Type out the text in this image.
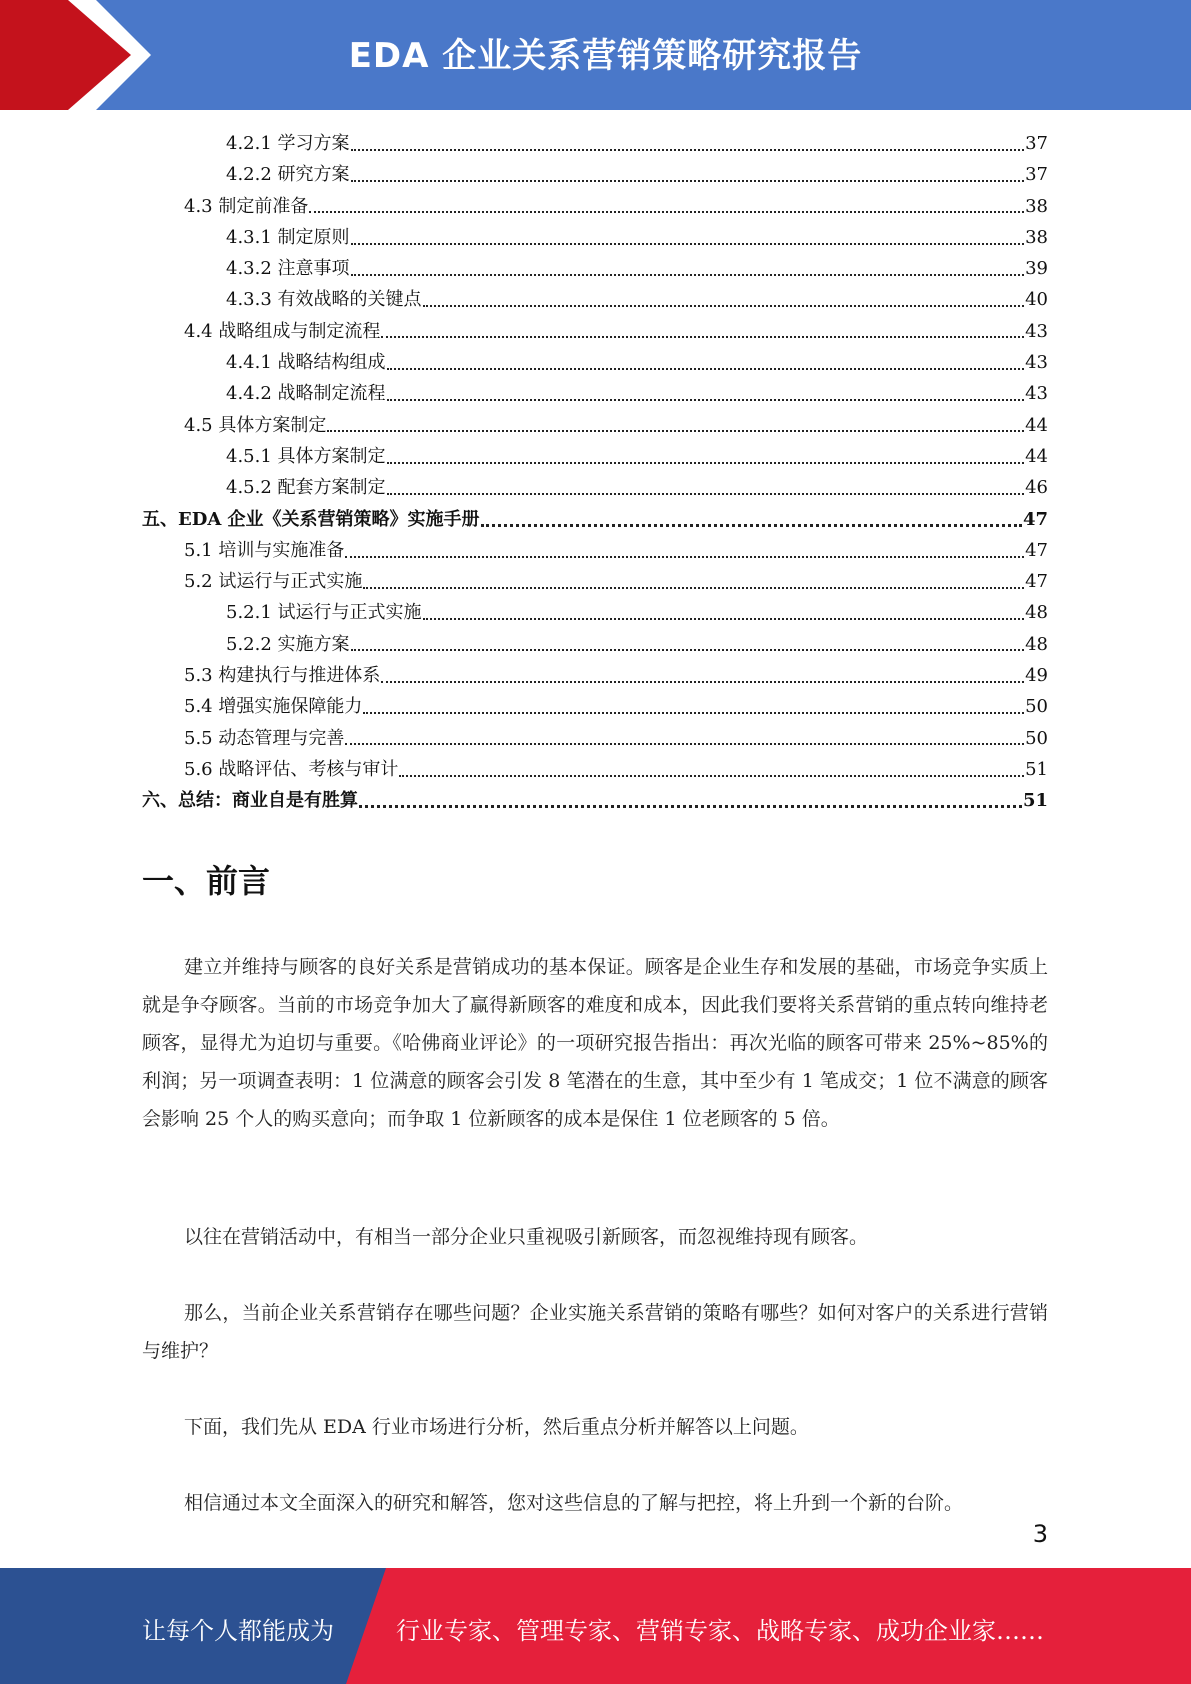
EDA 企业关系营销策略研究报告
4.2.1 学习方案	37
4.2.2 研究方案	37
4.3 制定前准备	38
4.3.1 制定原则	38
4.3.2 注意事项	39
4.3.3 有效战略的关键点	40
4.4 战略组成与制定流程	43
4.4.1 战略结构组成	43
4.4.2 战略制定流程	43
4.5 具体方案制定	44
4.5.1 具体方案制定	44
4.5.2 配套方案制定	46
五、EDA 企业《关系营销策略》实施手册	47
5.1 培训与实施准备	47
5.2 试运行与正式实施	47
5.2.1 试运行与正式实施	48
5.2.2 实施方案	48
5.3 构建执行与推进体系	49
5.4 增强实施保障能力	50
5.5 动态管理与完善	50
5.6 战略评估、考核与审计	51
六、总结：商业自是有胜算	51
一、前言

建立并维持与顾客的良好关系是营销成功的基本保证。顾客是企业生存和发展的基础，市场竞争实质上就是争夺顾客。当前的市场竞争加大了赢得新顾客的难度和成本，因此我们要将关系营销的重点转向维持老顾客，显得尤为迫切与重要。《哈佛商业评论》的一项研究报告指出：再次光临的顾客可带来 25%~85%的利润；另一项调查表明：1 位满意的顾客会引发 8 笔潜在的生意，其中至少有 1 笔成交；1 位不满意的顾客会影响 25 个人的购买意向；而争取 1 位新顾客的成本是保住 1 位老顾客的 5 倍。

以往在营销活动中，有相当一部分企业只重视吸引新顾客，而忽视维持现有顾客。

那么，当前企业关系营销存在哪些问题？企业实施关系营销的策略有哪些？如何对客户的关系进行营销与维护？

下面，我们先从 EDA 行业市场进行分析，然后重点分析并解答以上问题。

相信通过本文全面深入的研究和解答，您对这些信息的了解与把控，将上升到一个新的台阶。

3
让每个人都能成为	行业专家、管理专家、营销专家、战略专家、成功企业家……
